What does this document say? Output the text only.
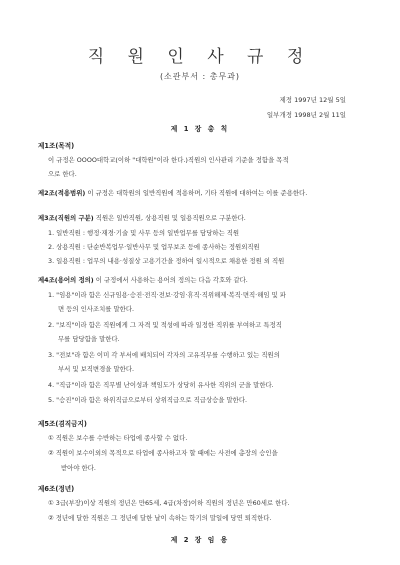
직 원 인 사 규 정
(소관부서 : 총무과)
제정 1997년 12월 5일
일부개정 1998년 2월 11일
제 1 장 총 칙
제1조(목적)
이 규정은 OOOO대학교(이하 "대학원"이라 한다.)직원의 인사관리 기준을 정함을 목적
으로 한다.
제2조(적용범위) 이 규정은 대학원의 일반직원에 적용하며, 기타 직원에 대하여는 이를 준용한다.
제3조(직원의 구분) 직원은 일반직원, 상용직원 및 일용직원으로 구분한다.
1. 일반직원 : 행정·재경·기술 및 사무 등의 일반업무를 담당하는 직원
2. 상용직원 : 단순반복업무·일반사무 및 업무보조 등에 종사하는 정원외직원
3. 일용직원 : 업무의 내용·성질상 고용기간을 정하여 일시적으로 채용한 정원 외 직원
제4조(용어의 정의) 이 규정에서 사용하는 용어의 정의는 다음 각호와 같다.
1. "임용"이라 함은 신규임용·승진·전직·전보·강임·휴직·직위해제·복직·면직·해임 및 파
면 등의 인사조치를 말한다.
2. "보직"이라 함은 직원에게 그 자격 및 적성에 따라 일정한 직위를 부여하고 특정직
무를 담당함을 말한다.
3. "전보"라 함은 이미 각 부서에 배치되어 각자의 고유직무를 수행하고 있는 직원의
부서 및 보직변경을 말한다.
4. "직급"이라 함은 직무별 난이성과 책임도가 상당히 유사한 직위의 군을 말한다.
5. "승진"이라 함은 하위직급으로부터 상위직급으로 직급상승을 말한다.
제5조(겸직금지)
① 직원은 보수를 수반하는 타업에 종사할 수 없다.
② 직원이 보수이외의 목적으로 타업에 종사하고자 할 때에는 사전에 총장의 승인을
받아야 한다.
제6조(정년)
① 3급(부장)이상 직원의 정년은 만65세, 4급(차장)이하 직원의 정년은 만60세로 한다.
② 정년에 달한 직원은 그 정년에 달한 날이 속하는 학기의 말일에 당연 퇴직한다.
제 2 장 임 용
